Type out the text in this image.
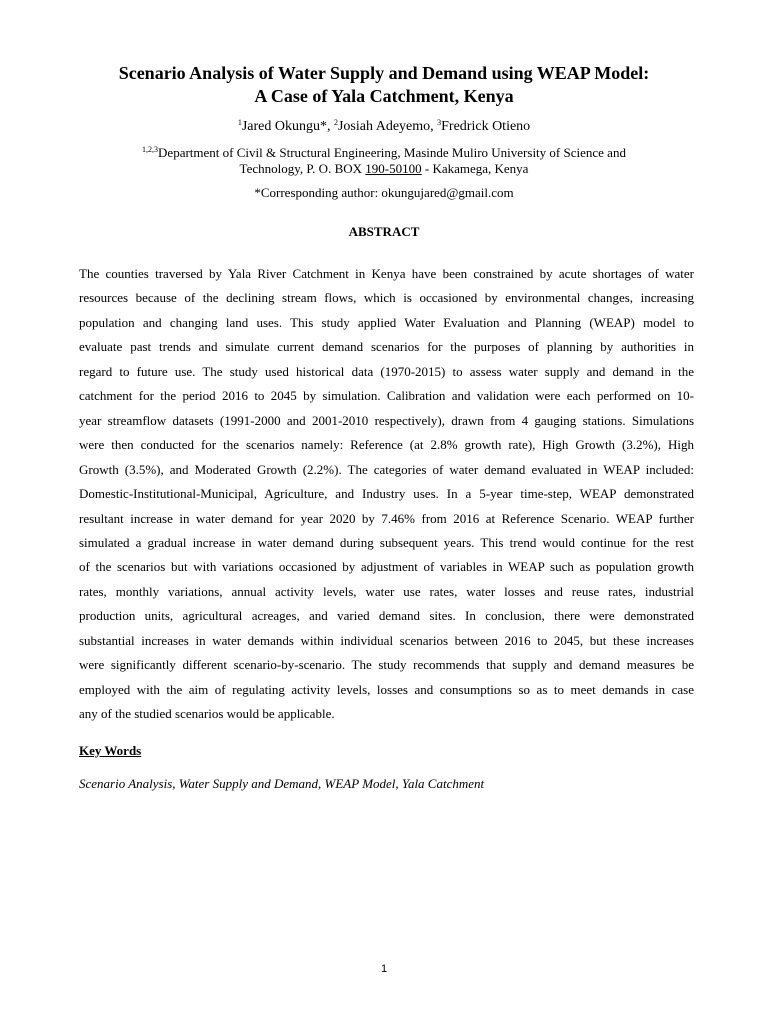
Scenario Analysis of Water Supply and Demand using WEAP Model:
A Case of Yala Catchment, Kenya
$^1$Jared Okungu*, $^2$Josiah Adeyemo, $^3$Fredrick Otieno
$^{1,2,3}$Department of Civil & Structural Engineering, Masinde Muliro University of Science and
Technology, P. O. BOX 190-50100 - Kakamega, Kenya
*Corresponding author: okungujared@gmail.com
ABSTRACT
The counties traversed by Yala River Catchment in Kenya have been constrained by acute shortages of water
resources because of the declining stream flows, which is occasioned by environmental changes, increasing
population and changing land uses. This study applied Water Evaluation and Planning (WEAP) model to
evaluate past trends and simulate current demand scenarios for the purposes of planning by authorities in
regard to future use. The study used historical data (1970-2015) to assess water supply and demand in the
catchment for the period 2016 to 2045 by simulation. Calibration and validation were each performed on 10-
year streamflow datasets (1991-2000 and 2001-2010 respectively), drawn from 4 gauging stations. Simulations
were then conducted for the scenarios namely: Reference (at 2.8% growth rate), High Growth (3.2%), High
Growth (3.5%), and Moderated Growth (2.2%). The categories of water demand evaluated in WEAP included:
Domestic-Institutional-Municipal, Agriculture, and Industry uses. In a 5-year time-step, WEAP demonstrated
resultant increase in water demand for year 2020 by 7.46% from 2016 at Reference Scenario. WEAP further
simulated a gradual increase in water demand during subsequent years. This trend would continue for the rest
of the scenarios but with variations occasioned by adjustment of variables in WEAP such as population growth
rates, monthly variations, annual activity levels, water use rates, water losses and reuse rates, industrial
production units, agricultural acreages, and varied demand sites. In conclusion, there were demonstrated
substantial increases in water demands within individual scenarios between 2016 to 2045, but these increases
were significantly different scenario-by-scenario. The study recommends that supply and demand measures be
employed with the aim of regulating activity levels, losses and consumptions so as to meet demands in case
any of the studied scenarios would be applicable.
Key Words
Scenario Analysis, Water Supply and Demand, WEAP Model, Yala Catchment
1
